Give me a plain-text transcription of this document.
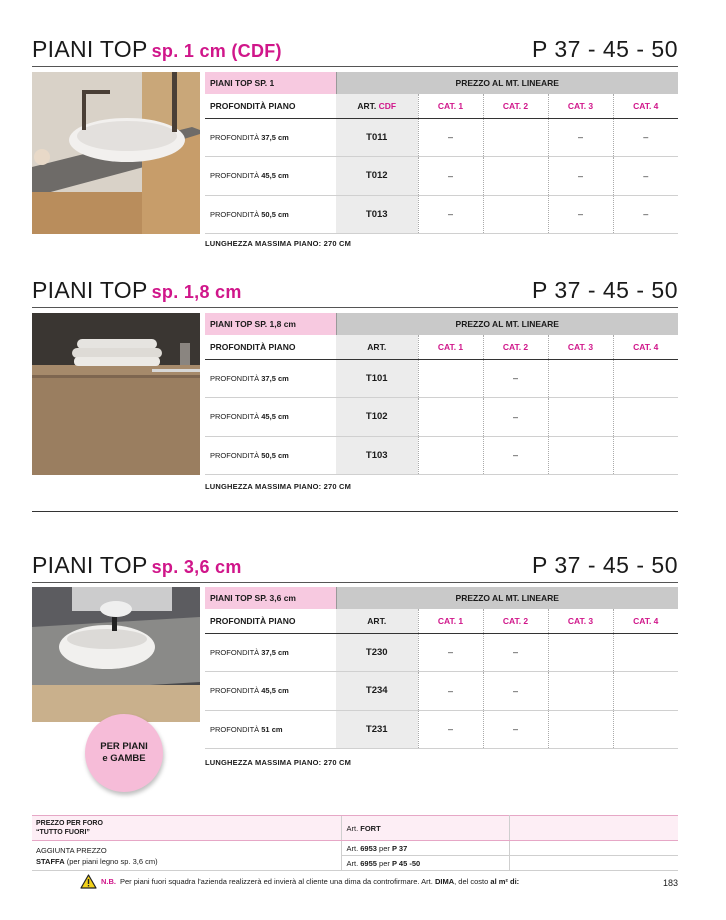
PIANI TOP sp. 1 cm (CDF)	P 37 - 45 - 50
PIANI TOP SP. 1	PREZZO AL MT. LINEARE				
PROFONDITÀ PIANO	ART. CDF	CAT. 1	CAT. 2	CAT. 3	CAT. 4
PROFONDITÀ 37,5 cm	T011	–		–	–
PROFONDITÀ 45,5 cm	T012	–		–	–
PROFONDITÀ 50,5 cm	T013	–		–	–
LUNGHEZZA MASSIMA PIANO: 270 CM
PIANI TOP sp. 1,8 cm	P 37 - 45 - 50
PIANI TOP SP. 1,8 cm	PREZZO AL MT. LINEARE				
PROFONDITÀ PIANO	ART.	CAT. 1	CAT. 2	CAT. 3	CAT. 4
PROFONDITÀ 37,5 cm	T101		–		
PROFONDITÀ 45,5 cm	T102		–		
PROFONDITÀ 50,5 cm	T103		–		
LUNGHEZZA MASSIMA PIANO: 270 CM
PIANI TOP sp. 3,6 cm	P 37 - 45 - 50
PIANI TOP SP. 3,6 cm	PREZZO AL MT. LINEARE				
PROFONDITÀ PIANO	ART.	CAT. 1	CAT. 2	CAT. 3	CAT. 4
PROFONDITÀ 37,5 cm	T230	–	–		
PROFONDITÀ 45,5 cm	T234	–	–		
PROFONDITÀ 51 cm	T231	–	–		
LUNGHEZZA MASSIMA PIANO: 270 CM
PER PIANI
e GAMBE
PREZZO PER FORO
“TUTTO FUORI”	Art. FORT	

AGGIUNTA PREZZO
STAFFA (per piani legno sp. 3,6 cm)	Art. 6953 per P 37	
	Art. 6955 per P 45 -50	
N.B. Per piani fuori squadra l'azienda realizzerà ed invierà al cliente una dima da controfirmare. Art.
DIMA , del costo
al m² di:	183
